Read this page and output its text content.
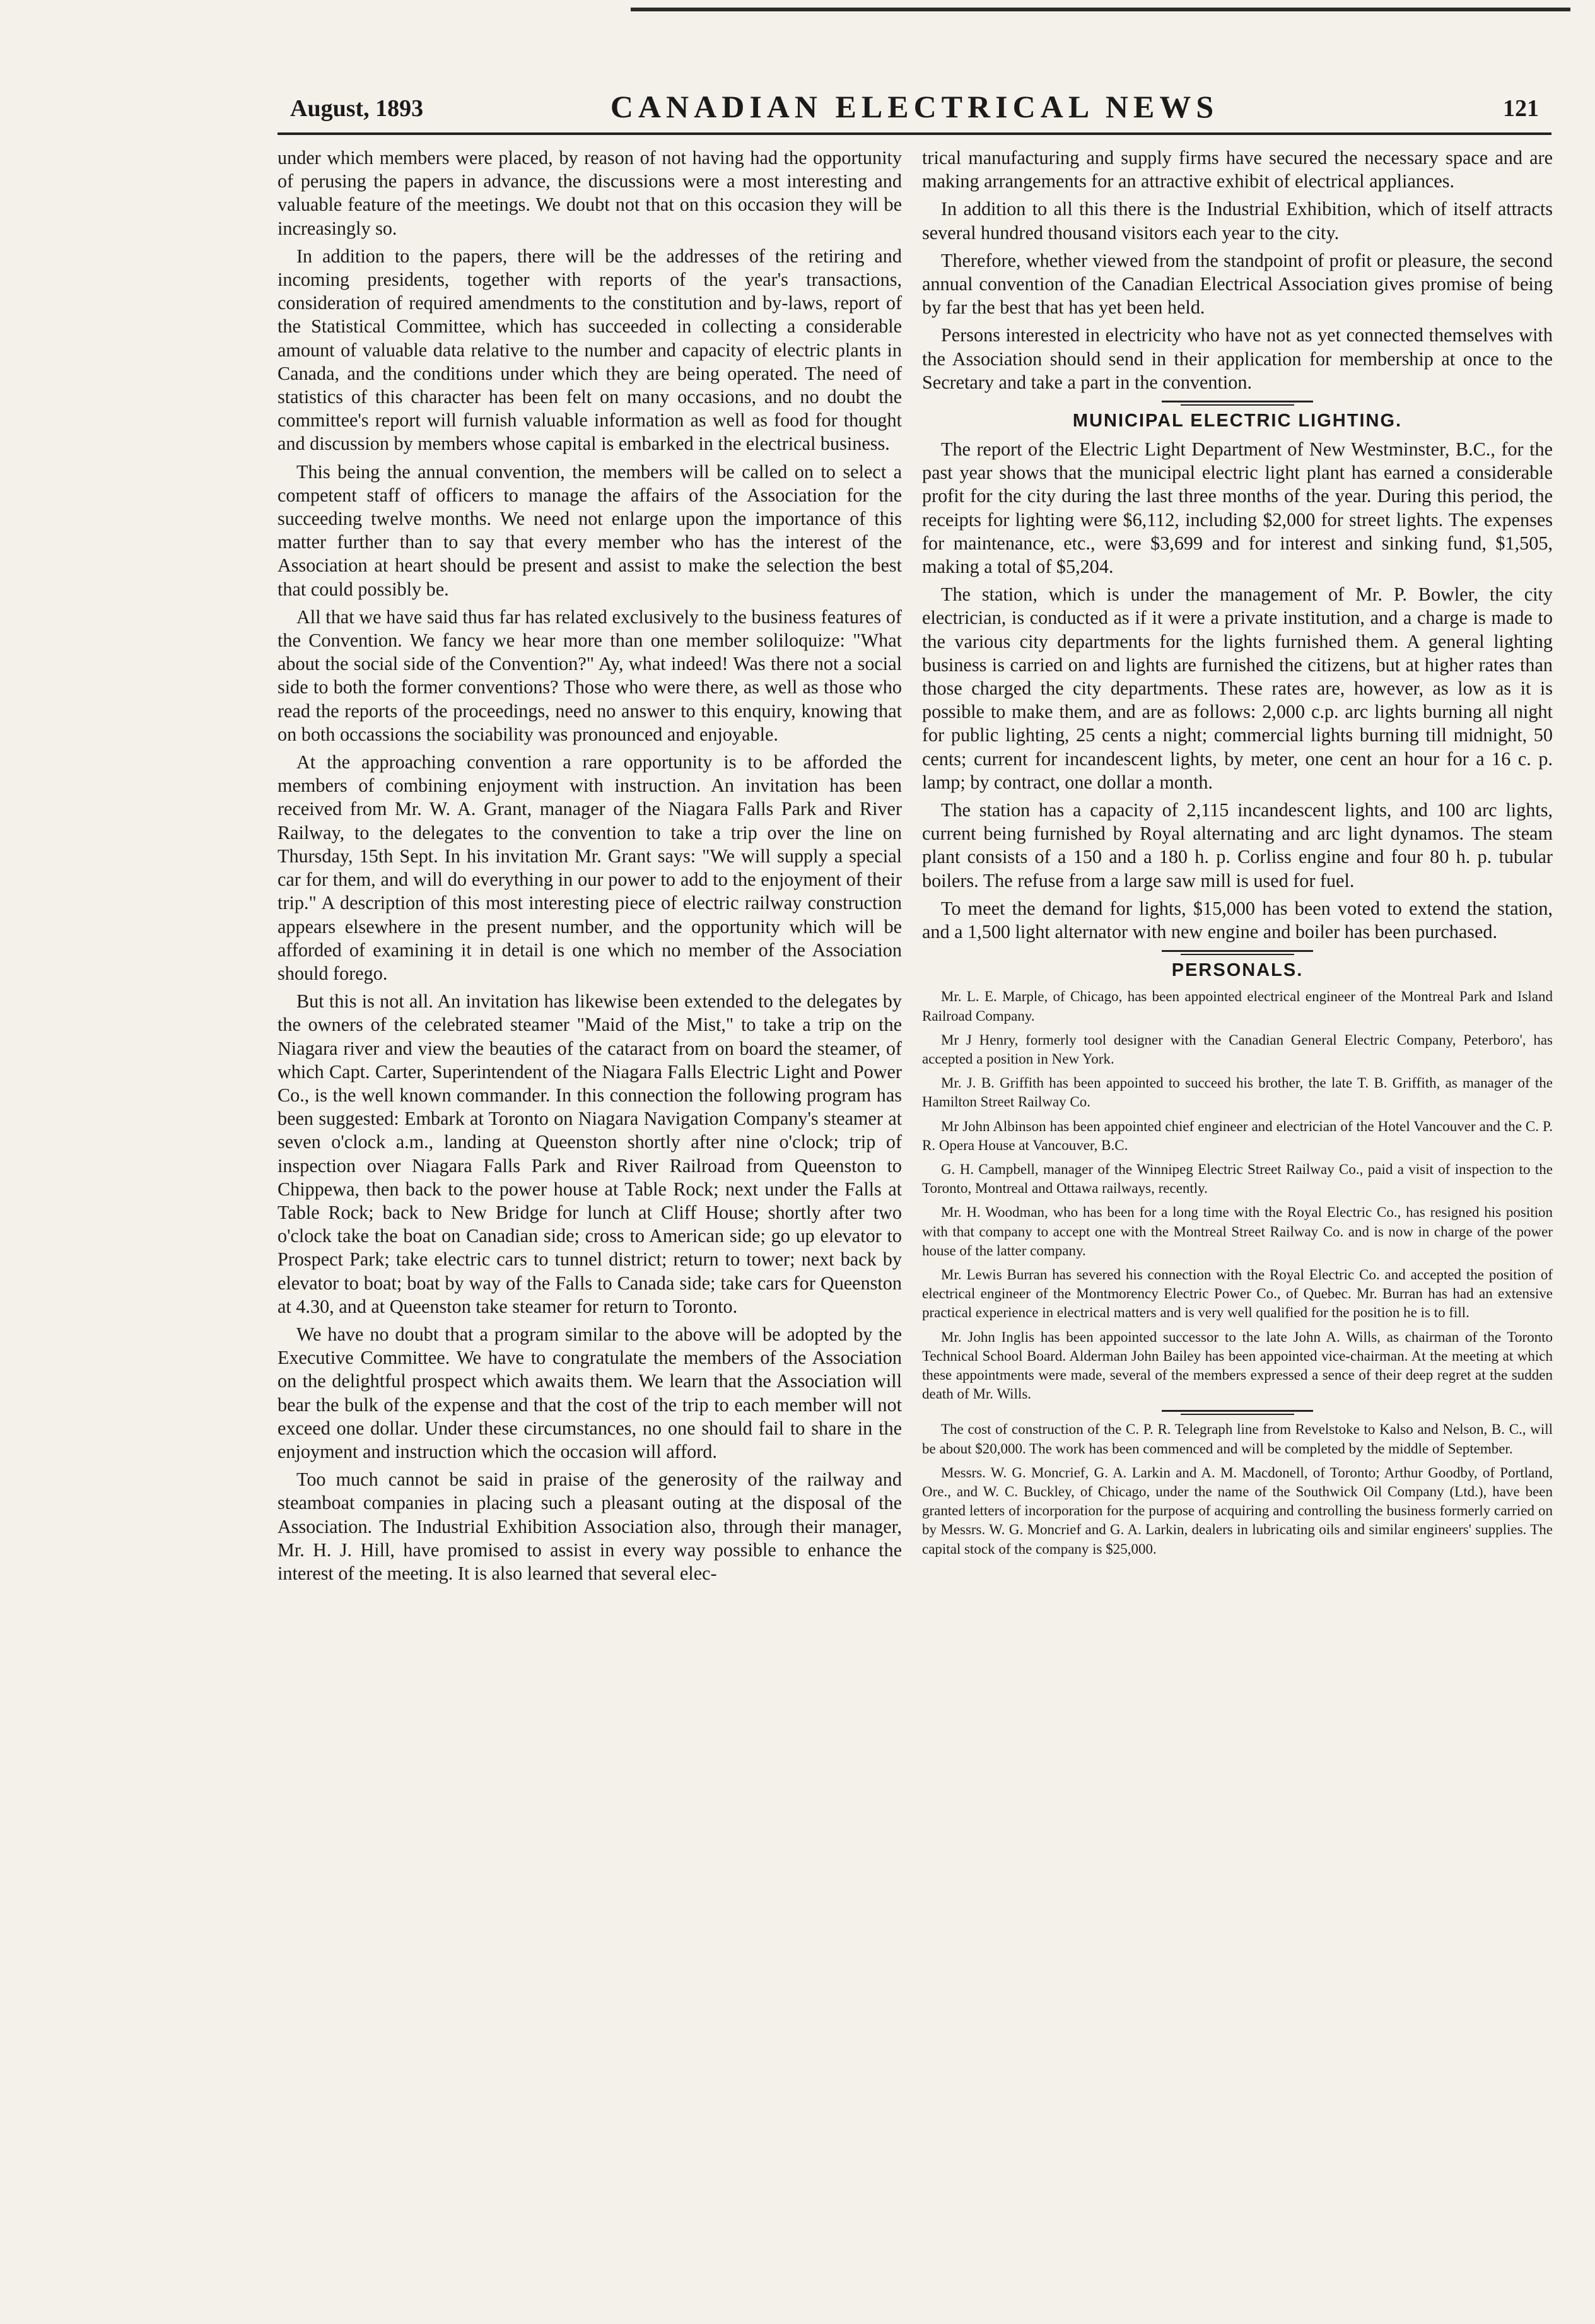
August, 1893	CANADIAN ELECTRICAL NEWS	121

under which members were placed, by reason of not having had the opportunity of perusing the papers in advance, the discussions were a most interesting and valuable feature of the meetings. We doubt not that on this occasion they will be increasingly so.

In addition to the papers, there will be the addresses of the retiring and incoming presidents, together with reports of the year's transactions, consideration of required amendments to the constitution and by-laws, report of the Statistical Committee, which has succeeded in collecting a considerable amount of valuable data relative to the number and capacity of electric plants in Canada, and the conditions under which they are being operated. The need of statistics of this character has been felt on many occasions, and no doubt the committee's report will furnish valuable information as well as food for thought and discussion by members whose capital is embarked in the electrical business.

This being the annual convention, the members will be called on to select a competent staff of officers to manage the affairs of the Association for the succeeding twelve months. We need not enlarge upon the importance of this matter further than to say that every member who has the interest of the Association at heart should be present and assist to make the selection the best that could possibly be.

All that we have said thus far has related exclusively to the business features of the Convention. We fancy we hear more than one member soliloquize: "What about the social side of the Convention?" Ay, what indeed! Was there not a social side to both the former conventions? Those who were there, as well as those who read the reports of the proceedings, need no answer to this enquiry, knowing that on both occassions the sociability was pronounced and enjoyable.

At the approaching convention a rare opportunity is to be afforded the members of combining enjoyment with instruction. An invitation has been received from Mr. W. A. Grant, manager of the Niagara Falls Park and River Railway, to the delegates to the convention to take a trip over the line on Thursday, 15th Sept. In his invitation Mr. Grant says: "We will supply a special car for them, and will do everything in our power to add to the enjoyment of their trip." A description of this most interesting piece of electric railway construction appears elsewhere in the present number, and the opportunity which will be afforded of examining it in detail is one which no member of the Association should forego.

But this is not all. An invitation has likewise been extended to the delegates by the owners of the celebrated steamer "Maid of the Mist," to take a trip on the Niagara river and view the beauties of the cataract from on board the steamer, of which Capt. Carter, Superintendent of the Niagara Falls Electric Light and Power Co., is the well known commander. In this connection the following program has been suggested: Embark at Toronto on Niagara Navigation Company's steamer at seven o'clock a.m., landing at Queenston shortly after nine o'clock; trip of inspection over Niagara Falls Park and River Railroad from Queenston to Chippewa, then back to the power house at Table Rock; next under the Falls at Table Rock; back to New Bridge for lunch at Cliff House; shortly after two o'clock take the boat on Canadian side; cross to American side; go up elevator to Prospect Park; take electric cars to tunnel district; return to tower; next back by elevator to boat; boat by way of the Falls to Canada side; take cars for Queenston at 4.30, and at Queenston take steamer for return to Toronto.

We have no doubt that a program similar to the above will be adopted by the Executive Committee. We have to congratulate the members of the Association on the delightful prospect which awaits them. We learn that the Association will bear the bulk of the expense and that the cost of the trip to each member will not exceed one dollar. Under these circumstances, no one should fail to share in the enjoyment and instruction which the occasion will afford.

Too much cannot be said in praise of the generosity of the railway and steamboat companies in placing such a pleasant outing at the disposal of the Association. The Industrial Exhibition Association also, through their manager, Mr. H. J. Hill, have promised to assist in every way possible to enhance the interest of the meeting. It is also learned that several elec-

trical manufacturing and supply firms have secured the necessary space and are making arrangements for an attractive exhibit of electrical appliances.

In addition to all this there is the Industrial Exhibition, which of itself attracts several hundred thousand visitors each year to the city.

Therefore, whether viewed from the standpoint of profit or pleasure, the second annual convention of the Canadian Electrical Association gives promise of being by far the best that has yet been held.

Persons interested in electricity who have not as yet connected themselves with the Association should send in their application for membership at once to the Secretary and take a part in the convention.

MUNICIPAL ELECTRIC LIGHTING.

The report of the Electric Light Department of New Westminster, B.C., for the past year shows that the municipal electric light plant has earned a considerable profit for the city during the last three months of the year. During this period, the receipts for lighting were $6,112, including $2,000 for street lights. The expenses for maintenance, etc., were $3,699 and for interest and sinking fund, $1,505, making a total of $5,204.

The station, which is under the management of Mr. P. Bowler, the city electrician, is conducted as if it were a private institution, and a charge is made to the various city departments for the lights furnished them. A general lighting business is carried on and lights are furnished the citizens, but at higher rates than those charged the city departments. These rates are, however, as low as it is possible to make them, and are as follows: 2,000 c.p. arc lights burning all night for public lighting, 25 cents a night; commercial lights burning till midnight, 50 cents; current for incandescent lights, by meter, one cent an hour for a 16 c. p. lamp; by contract, one dollar a month.

The station has a capacity of 2,115 incandescent lights, and 100 arc lights, current being furnished by Royal alternating and arc light dynamos. The steam plant consists of a 150 and a 180 h. p. Corliss engine and four 80 h. p. tubular boilers. The refuse from a large saw mill is used for fuel.

To meet the demand for lights, $15,000 has been voted to extend the station, and a 1,500 light alternator with new engine and boiler has been purchased.

PERSONALS.

Mr. L. E. Marple, of Chicago, has been appointed electrical engineer of the Montreal Park and Island Railroad Company.

Mr J Henry, formerly tool designer with the Canadian General Electric Company, Peterboro', has accepted a position in New York.

Mr. J. B. Griffith has been appointed to succeed his brother, the late T. B. Griffith, as manager of the Hamilton Street Railway Co.

Mr John Albinson has been appointed chief engineer and electrician of the Hotel Vancouver and the C. P. R. Opera House at Vancouver, B.C.

G. H. Campbell, manager of the Winnipeg Electric Street Railway Co., paid a visit of inspection to the Toronto, Montreal and Ottawa railways, recently.

Mr. H. Woodman, who has been for a long time with the Royal Electric Co., has resigned his position with that company to accept one with the Montreal Street Railway Co. and is now in charge of the power house of the latter company.

Mr. Lewis Burran has severed his connection with the Royal Electric Co. and accepted the position of electrical engineer of the Montmorency Electric Power Co., of Quebec. Mr. Burran has had an extensive practical experience in electrical matters and is very well qualified for the position he is to fill.

Mr. John Inglis has been appointed successor to the late John A. Wills, as chairman of the Toronto Technical School Board. Alderman John Bailey has been appointed vice-chairman. At the meeting at which these appointments were made, several of the members expressed a sence of their deep regret at the sudden death of Mr. Wills.

The cost of construction of the C. P. R. Telegraph line from Revelstoke to Kalso and Nelson, B. C., will be about $20,000. The work has been commenced and will be completed by the middle of September.

Messrs. W. G. Moncrief, G. A. Larkin and A. M. Macdonell, of Toronto; Arthur Goodby, of Portland, Ore., and W. C. Buckley, of Chicago, under the name of the Southwick Oil Company (Ltd.), have been granted letters of incorporation for the purpose of acquiring and controlling the business formerly carried on by Messrs. W. G. Moncrief and G. A. Larkin, dealers in lubricating oils and similar engineers' supplies. The capital stock of the company is $25,000.
